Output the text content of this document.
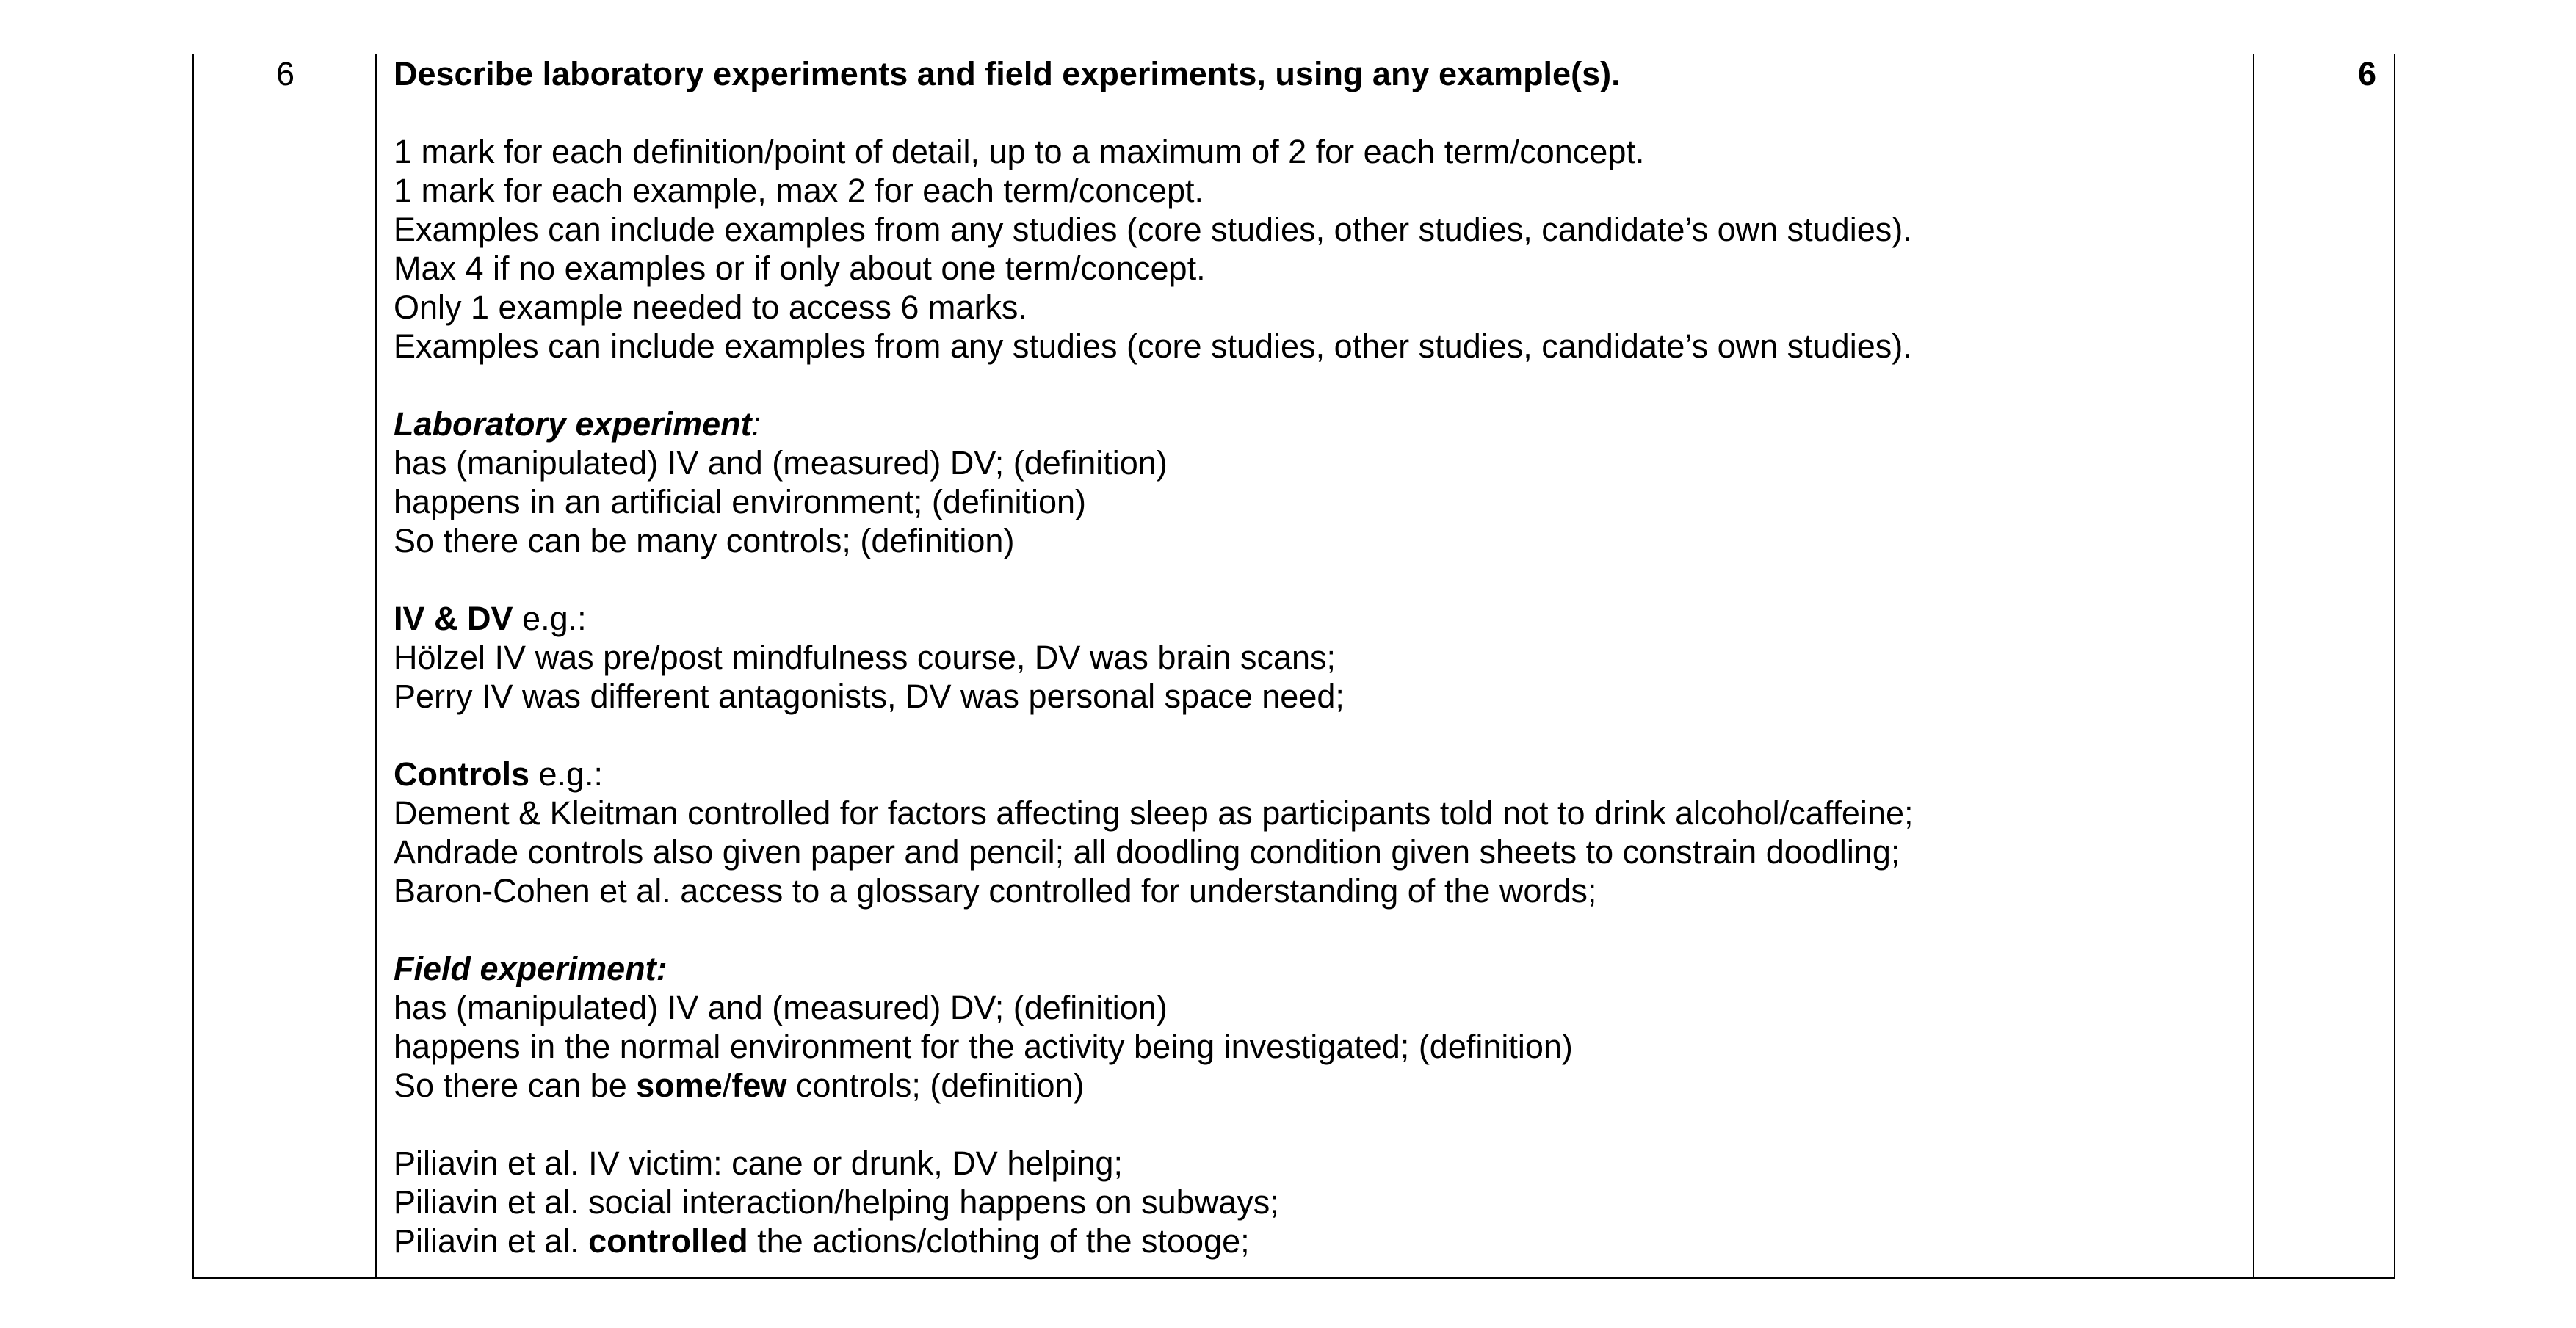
6	6
Describe laboratory experiments and field experiments, using any example(s).
1 mark for each definition/point of detail, up to a maximum of 2 for each term/concept.
1 mark for each example, max 2 for each term/concept.
Examples can include examples from any studies (core studies, other studies, candidate’s own studies).
Max 4 if no examples or if only about one term/concept.
Only 1 example needed to access 6 marks.
Examples can include examples from any studies (core studies, other studies, candidate’s own studies).
Laboratory experiment:
has (manipulated) IV and (measured) DV; (definition)
happens in an artificial environment; (definition)
So there can be many controls; (definition)
IV & DV e.g.:
Hölzel IV was pre/post mindfulness course, DV was brain scans;
Perry IV was different antagonists, DV was personal space need;
Controls e.g.:
Dement & Kleitman controlled for factors affecting sleep as participants told not to drink alcohol/caffeine;
Andrade controls also given paper and pencil; all doodling condition given sheets to constrain doodling;
Baron-Cohen et al. access to a glossary controlled for understanding of the words;
Field experiment:
has (manipulated) IV and (measured) DV; (definition)
happens in the normal environment for the activity being investigated; (definition)
So there can be some/few controls; (definition)
Piliavin et al. IV victim: cane or drunk, DV helping;
Piliavin et al. social interaction/helping happens on subways;
Piliavin et al. controlled the actions/clothing of the stooge;
